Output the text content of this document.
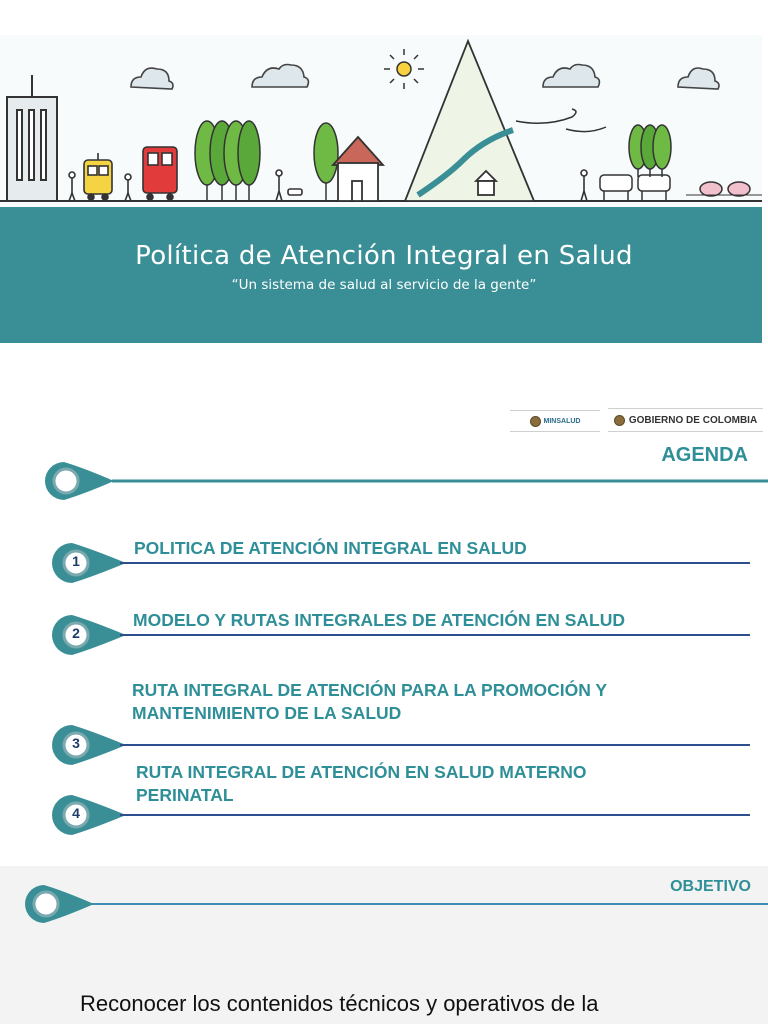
Política de Atención Integral en Salud
“Un sistema de salud al servicio de la gente”
MINSALUD	GOBIERNO DE COLOMBIA
AGENDA
1
POLITICA DE ATENCIÓN INTEGRAL EN SALUD
2
MODELO Y RUTAS INTEGRALES DE ATENCIÓN EN SALUD
3
RUTA INTEGRAL DE ATENCIÓN PARA LA PROMOCIÓN Y MANTENIMIENTO DE LA SALUD
4
RUTA INTEGRAL DE ATENCIÓN EN SALUD MATERNO PERINATAL
OBJETIVO
Reconocer los contenidos técnicos y operativos de la
